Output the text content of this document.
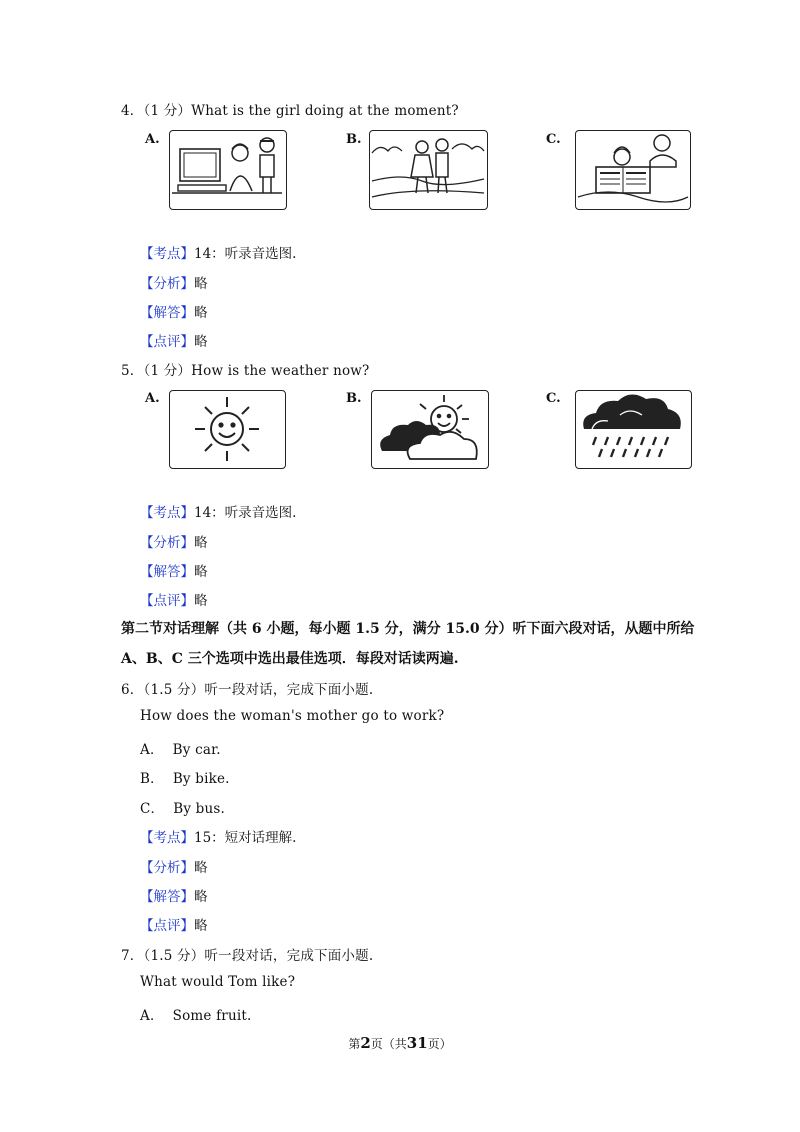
4．（1 分）What is the girl doing at the moment?
A.	B.	C.
【考点】14：听录音选图.
【分析】略
【解答】略
【点评】略
5．（1 分）How is the weather now?
A.	B.	C.
【考点】14：听录音选图.
【分析】略
【解答】略
【点评】略
第二节对话理解（共 6 小题，每小题 1.5 分，满分 15.0 分）听下面六段对话，从题中所给
A、B、C 三个选项中选出最佳选项．每段对话读两遍.
6．（1.5 分）听一段对话，完成下面小题.
How does the woman's mother go to work?
A． By car.
B． By bike.
C． By bus.
【考点】15：短对话理解.
【分析】略
【解答】略
【点评】略
7．（1.5 分）听一段对话，完成下面小题.
What would Tom like?
A． Some fruit.
第2页（共31页）
